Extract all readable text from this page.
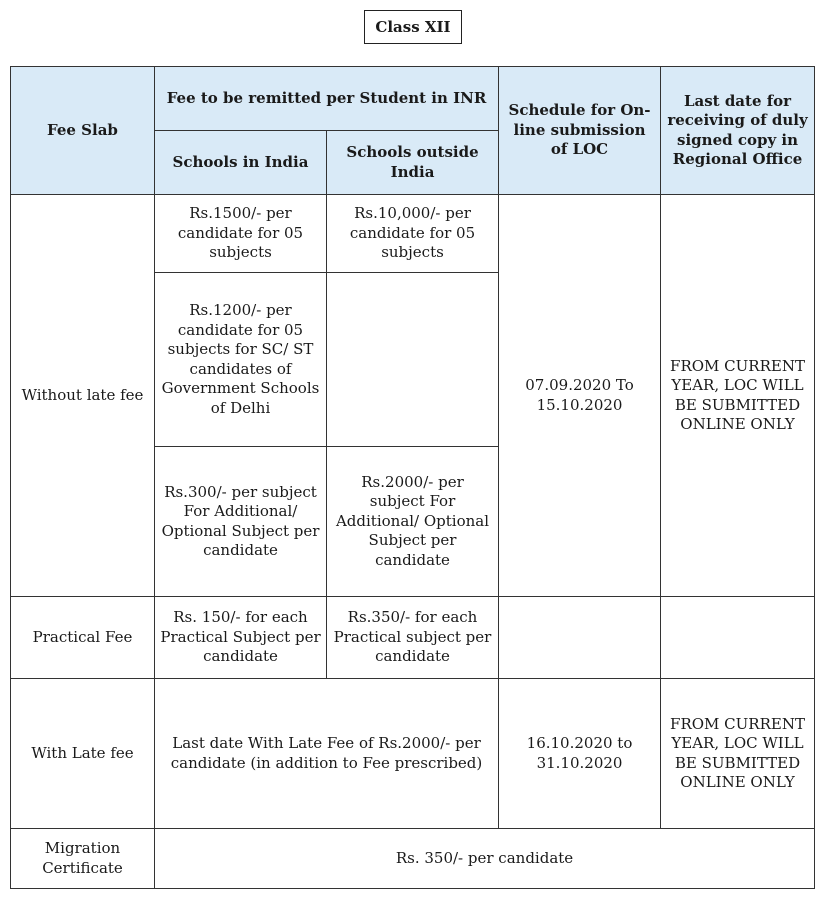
Class XII
Fee Slab	Fee to be remitted per Student in INR		Schedule for On-line submission of LOC	Last date for receiving of duly signed copy in Regional Office
	Schools in India	Schools outside India		
Without late fee	Rs.1500/- per candidate for 05 subjects	Rs.10,000/- per candidate for 05 subjects	07.09.2020 To 15.10.2020	FROM CURRENT YEAR, LOC WILL BE SUBMITTED ONLINE ONLY
	Rs.1200/- per candidate for 05 subjects for SC/ ST candidates of Government Schools of Delhi			
	Rs.300/- per subject For Additional/ Optional Subject per candidate	Rs.2000/- per subject For Additional/ Optional Subject per candidate		
Practical Fee	Rs. 150/- for each Practical Subject per candidate	Rs.350/- for each Practical subject per candidate		
With Late fee	Last date With Late Fee of Rs.2000/- per candidate (in addition to Fee prescribed)		16.10.2020 to 31.10.2020	FROM CURRENT YEAR, LOC WILL BE SUBMITTED ONLINE ONLY
Migration Certificate	Rs. 350/- per candidate			
